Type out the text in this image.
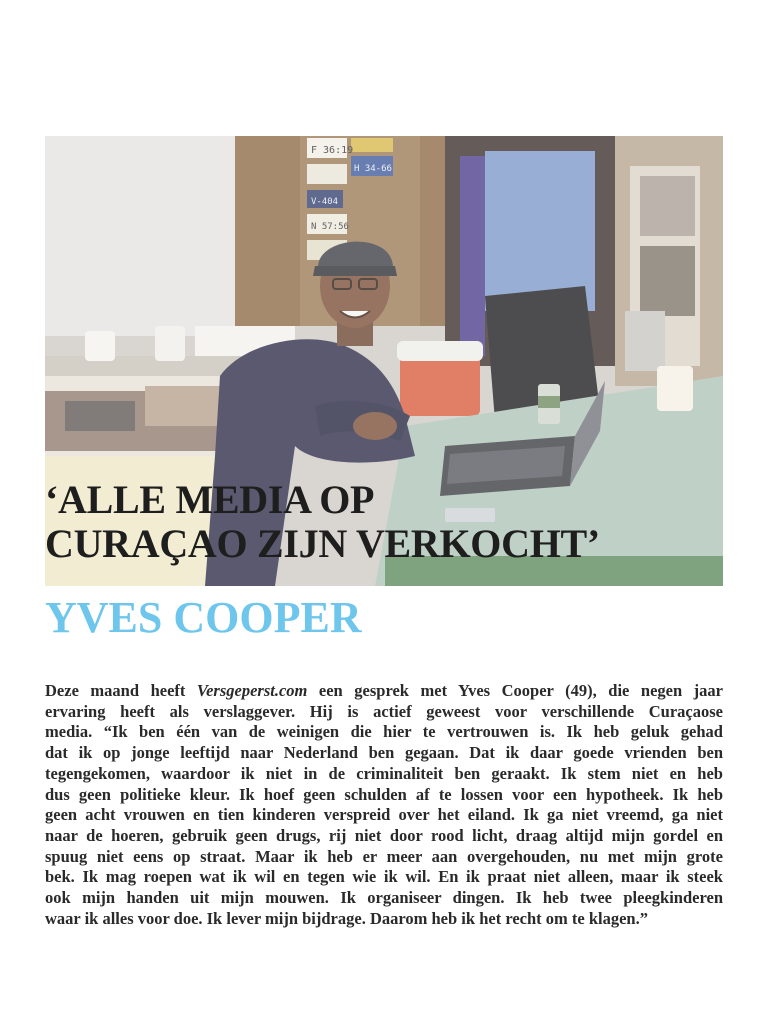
F 36:19
H 34-66
V-404
N 57:56
‘ALLE MEDIA OP
CURAÇAO ZIJN VERKOCHT’
YVES COOPER
Deze maand heeft Versgeperst.com een gesprek met Yves Cooper (49), die negen jaar
ervaring heeft als verslaggever. Hij is actief geweest voor verschillende Curaçaose
media. “Ik ben één van de weinigen die hier te vertrouwen is. Ik heb geluk gehad
dat ik op jonge leeftijd naar Nederland ben gegaan. Dat ik daar goede vrienden ben
tegengekomen, waardoor ik niet in de criminaliteit ben geraakt. Ik stem niet en heb
dus geen politieke kleur. Ik hoef geen schulden af te lossen voor een hypotheek. Ik heb
geen acht vrouwen en tien kinderen verspreid over het eiland. Ik ga niet vreemd, ga niet
naar de hoeren, gebruik geen drugs, rij niet door rood licht, draag altijd mijn gordel en
spuug niet eens op straat. Maar ik heb er meer aan overgehouden, nu met mijn grote
bek. Ik mag roepen wat ik wil en tegen wie ik wil. En ik praat niet alleen, maar ik steek
ook mijn handen uit mijn mouwen. Ik organiseer dingen. Ik heb twee pleegkinderen
waar ik alles voor doe. Ik lever mijn bijdrage. Daarom heb ik het recht om te klagen.”
